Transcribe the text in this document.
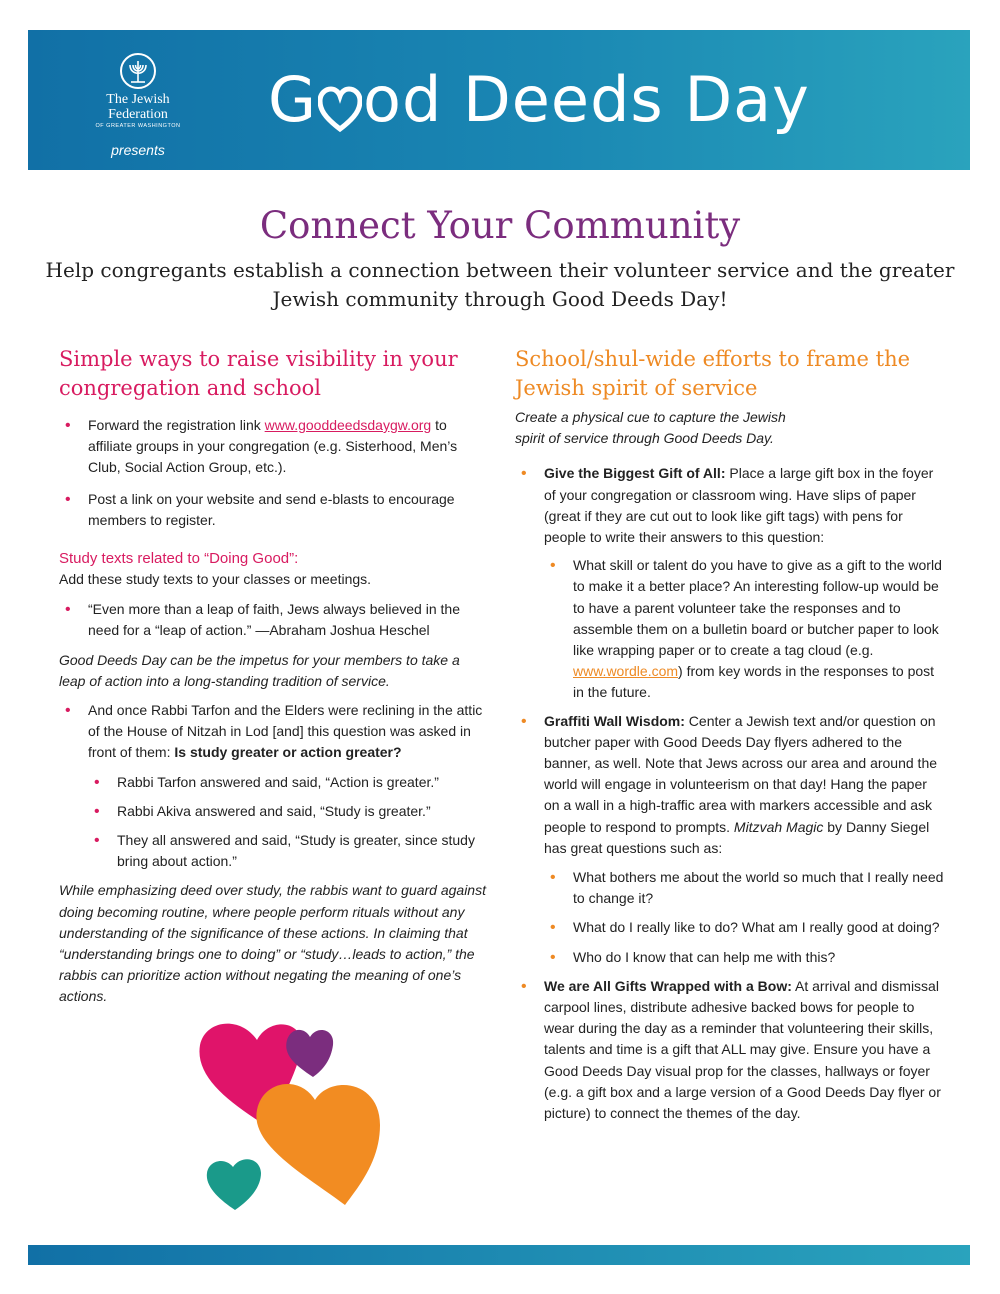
The Jewish Federation
OF GREATER WASHINGTON
presents
G od Deeds Day
Connect Your Community
Help congregants establish a connection between their volunteer service and the greater Jewish community through Good Deeds Day!
Simple ways to raise visibility in your congregation and school
• Forward the registration link www.gooddeedsdaygw.org to affiliate groups in your congregation (e.g. Sisterhood, Men’s Club, Social Action Group, etc.).
• Post a link on your website and send e-blasts to encourage members to register.
Study texts related to “Doing Good”:

Add these study texts to your classes or meetings.

• “Even more than a leap of faith, Jews always believed in the need for a “leap of action.” —Abraham Joshua Heschel

Good Deeds Day can be the impetus for your members to take a leap of action into a long-standing tradition of service.

• And once Rabbi Tarfon and the Elders were reclining in the attic of the House of Nitzah in Lod [and] this question was asked in front of them: Is study greater or action greater?
• Rabbi Tarfon answered and said, “Action is greater.”
• Rabbi Akiva answered and said, “Study is greater.”
• They all answered and said, “Study is greater, since study bring about action.”

While emphasizing deed over study, the rabbis want to guard against doing becoming routine, where people perform rituals without any understanding of the significance of these actions. In claiming that “understanding brings one to doing” or “study…leads to action,” the rabbis can prioritize action without negating the meaning of one’s actions.

School/shul-wide efforts to frame the Jewish spirit of service

Create a physical cue to capture the Jewish spirit of service through Good Deeds Day.

• Give the Biggest Gift of All: Place a large gift box in the foyer of your congregation or classroom wing. Have slips of paper (great if they are cut out to look like gift tags) with pens for people to write their answers to this question:
• What skill or talent do you have to give as a gift to the world to make it a better place? An interesting follow-up would be to have a parent volunteer take the responses and to assemble them on a bulletin board or butcher paper to look like wrapping paper or to create a tag cloud (e.g. www.wordle.com) from key words in the responses to post in the future.
• Graffiti Wall Wisdom: Center a Jewish text and/or question on butcher paper with Good Deeds Day flyers adhered to the banner, as well. Note that Jews across our area and around the world will engage in volunteerism on that day! Hang the paper on a wall in a high-traffic area with markers accessible and ask people to respond to prompts. Mitzvah Magic by Danny Siegel has great questions such as:
• What bothers me about the world so much that I really need to change it?
• What do I really like to do? What am I really good at doing?
• Who do I know that can help me with this?
• We are All Gifts Wrapped with a Bow: At arrival and dismissal carpool lines, distribute adhesive backed bows for people to wear during the day as a reminder that volunteering their skills, talents and time is a gift that ALL may give. Ensure you have a Good Deeds Day visual prop for the classes, hallways or foyer (e.g. a gift box and a large version of a Good Deeds Day flyer or picture) to connect the themes of the day.
